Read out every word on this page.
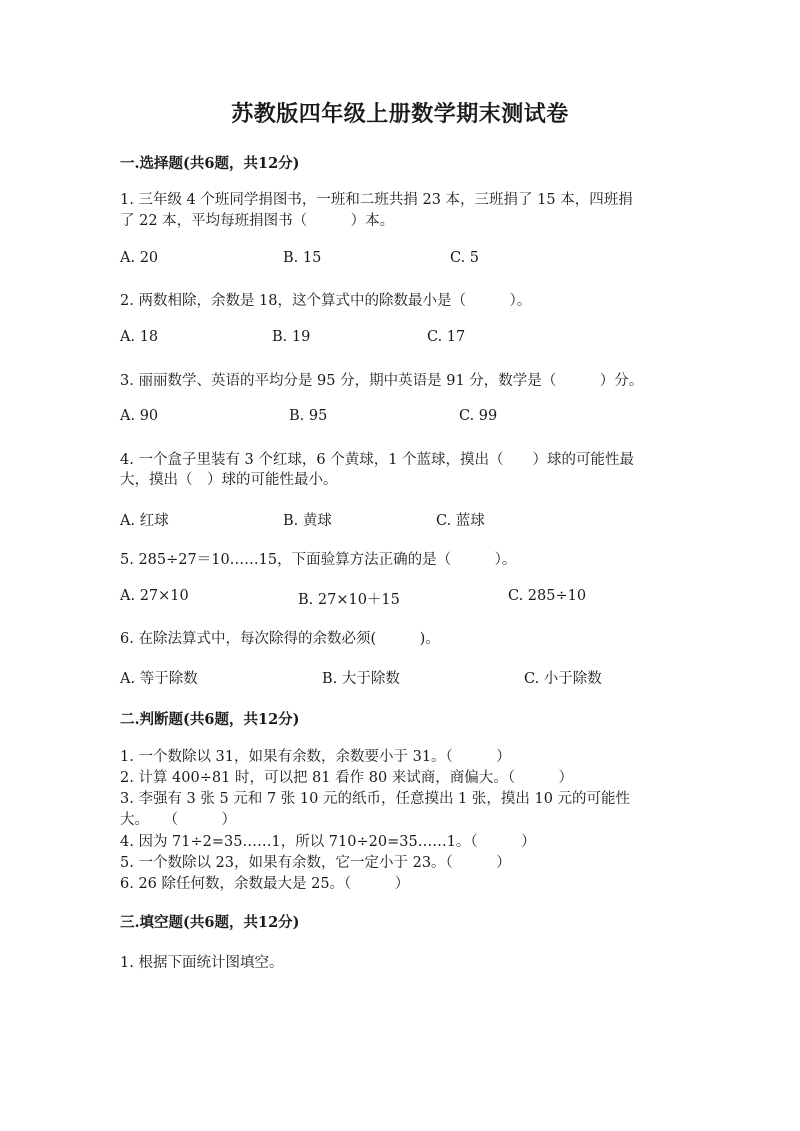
苏教版四年级上册数学期末测试卷
一.选择题(共6题，共12分)
1. 三年级 4 个班同学捐图书，一班和二班共捐 23 本，三班捐了 15 本，四班捐
了 22 本，平均每班捐图书（　　　）本。
A. 20	B. 15	C. 5
2. 两数相除，余数是 18，这个算式中的除数最小是（　　　）。
A. 18	B. 19	C. 17
3. 丽丽数学、英语的平均分是 95 分，期中英语是 91 分，数学是（　　　）分。
A. 90	B. 95	C. 99
4. 一个盒子里装有 3 个红球，6 个黄球，1 个蓝球，摸出（　　）球的可能性最
大，摸出（　）球的可能性最小。
A. 红球	B. 黄球	C. 蓝球
5. 285÷27＝10……15，下面验算方法正确的是（　　　）。
A. 27×10	B. 27×10＋15	C. 285÷10
6. 在除法算式中，每次除得的余数必须(　　　)。
A. 等于除数	B. 大于除数	C. 小于除数
二.判断题(共6题，共12分)
1. 一个数除以 31，如果有余数，余数要小于 31。（　　　）
2. 计算 400÷81 时，可以把 81 看作 80 来试商，商偏大。（　　　）
3. 李强有 3 张 5 元和 7 张 10 元的纸币，任意摸出 1 张，摸出 10 元的可能性
大。　　（　　　）
4. 因为 71÷2=35……1，所以 710÷20=35……1。（　　　）
5. 一个数除以 23，如果有余数，它一定小于 23。（　　　）
6. 26 除任何数，余数最大是 25。（　　　）
三.填空题(共6题，共12分)
1. 根据下面统计图填空。
